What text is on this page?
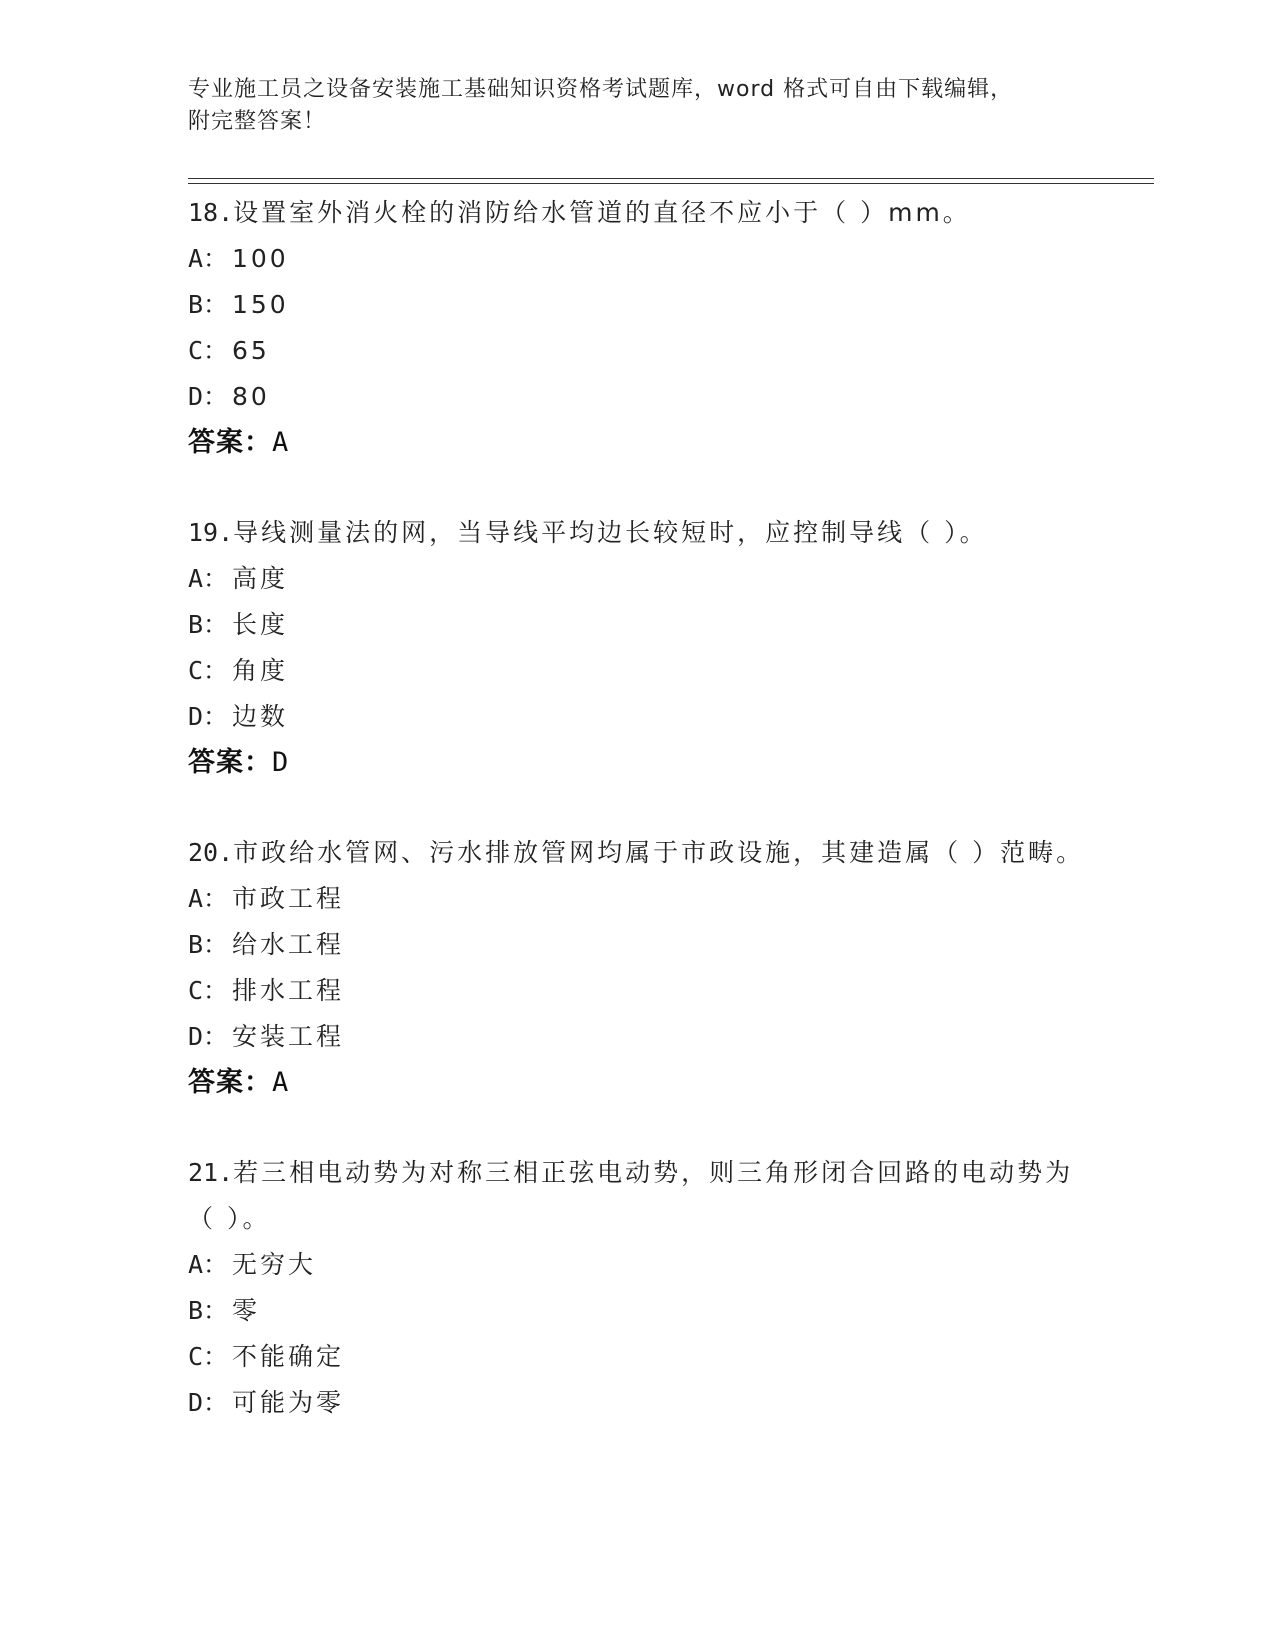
专业施工员之设备安装施工基础知识资格考试题库，word 格式可自由下载编辑，
附完整答案！
18.设置室外消火栓的消防给水管道的直径不应小于（ ）mm。
A： 100
B： 150
C： 65
D： 80
答案：A
19.导线测量法的网，当导线平均边长较短时，应控制导线（ ）。
A： 高度
B： 长度
C： 角度
D： 边数
答案：D
20.市政给水管网、污水排放管网均属于市政设施，其建造属（ ）范畴。
A： 市政工程
B： 给水工程
C： 排水工程
D： 安装工程
答案：A
21.若三相电动势为对称三相正弦电动势，则三角形闭合回路的电动势为（ ）。
A： 无穷大
B： 零
C： 不能确定
D： 可能为零
